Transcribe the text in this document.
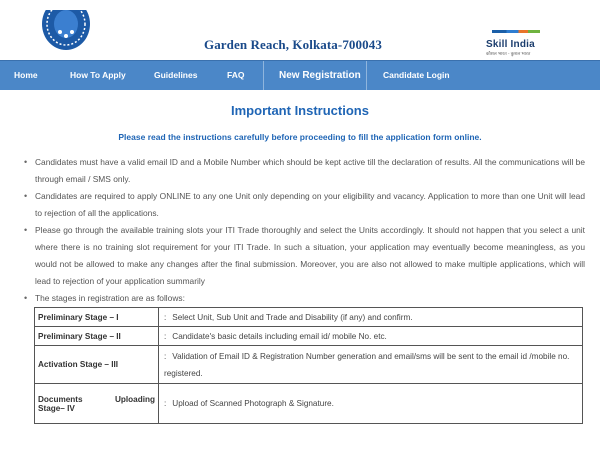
Garden Reach, Kolkata-700043	Skill India
कौशल भारत - कुशल भारत
Home	How To Apply	Guidelines	FAQ	New Registration	Candidate Login
Important Instructions
Please read the instructions carefully before proceeding to fill the application form online.
• Candidates must have a valid email ID and a Mobile Number which should be kept active till the declaration of results. All the communications will be through email / SMS only.
• Candidates are required to apply ONLINE to any one Unit only depending on your eligibility and vacancy. Application to more than one Unit will lead to rejection of all the applications.
• Please go through the available training slots your ITI Trade thoroughly and select the Units accordingly. It should not happen that you select a unit where there is no training slot requirement for your ITI Trade. In such a situation, your application may eventually become meaningless, as you would not be allowed to make any changes after the final submission. Moreover, you are also not allowed to make multiple applications, which will lead to rejection of your application summarily
• The stages in registration are as follows:
Preliminary Stage – I	: Select Unit, Sub Unit and Trade and Disability (if any) and confirm.
Preliminary Stage – II	: Candidate's basic details including email id/ mobile No. etc.
Activation Stage – III	: Validation of Email ID & Registration Number generation and email/sms will be sent to the email id /mobile no. registered.

Documents Uploading
Stage– IV	: Upload of Scanned Photograph & Signature.
